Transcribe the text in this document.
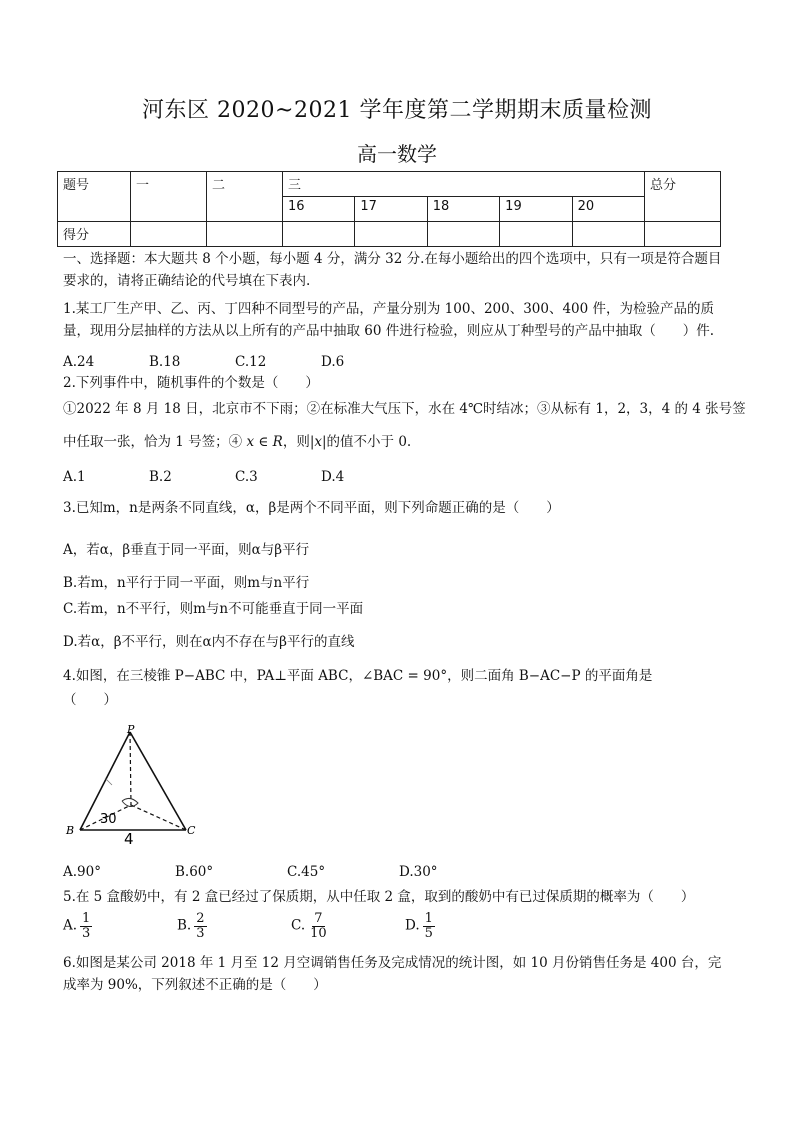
河东区 2020~2021 学年度第二学期期末质量检测
高一数学
题号	一	二	三					总分
			16	17	18	19	20	
得分								
一、选择题：本大题共 8 个小题，每小题 4 分，满分 32 分.在每小题给出的四个选项中，只有一项是符合题目要求的，请将正确结论的代号填在下表内.
1.某工厂生产甲、乙、丙、丁四种不同型号的产品，产量分别为 100、200、300、400 件，为检验产品的质量，现用分层抽样的方法从以上所有的产品中抽取 60 件进行检验，则应从丁种型号的产品中抽取（　　）件.
A.24	B.18	C.12	D.6
2.下列事件中，随机事件的个数是（　　）
①2022 年 8 月 18 日，北京市不下雨；②在标准大气压下，水在 4℃时结冰；③从标有 1，2，3，4 的 4 张号签
中任取一张，恰为 1 号签；④ x ∈ R，则|x|的值不小于 0.
A.1	B.2	C.3	D.4
3.已知m，n是两条不同直线，α，β是两个不同平面，则下列命题正确的是（　　）
A，若α，β垂直于同一平面，则α与β平行
B.若m，n平行于同一平面，则m与n平行
C.若m，n不平行，则m与n不可能垂直于同一平面
D.若α，β不平行，则在α内不存在与β平行的直线
4.如图，在三棱锥 P−ABC 中，PA⊥平面 ABC，∠BAC = 90°，则二面角 B−AC−P 的平面角是
（　　）
P
B	C
30
4
A.90°	B.60°	C.45°	D.30°
5.在 5 盒酸奶中，有 2 盒已经过了保质期，从中任取 2 盒，取到的酸奶中有已过保质期的概率为（　　）
A. $\frac{1}{3}$	B. $\frac{2}{3}$	C. $\frac{7}{10}$	D. $\frac{1}{5}$
6.如图是某公司 2018 年 1 月至 12 月空调销售任务及完成情况的统计图，如 10 月份销售任务是 400 台，完成率为 90%，下列叙述不正确的是（　　）
